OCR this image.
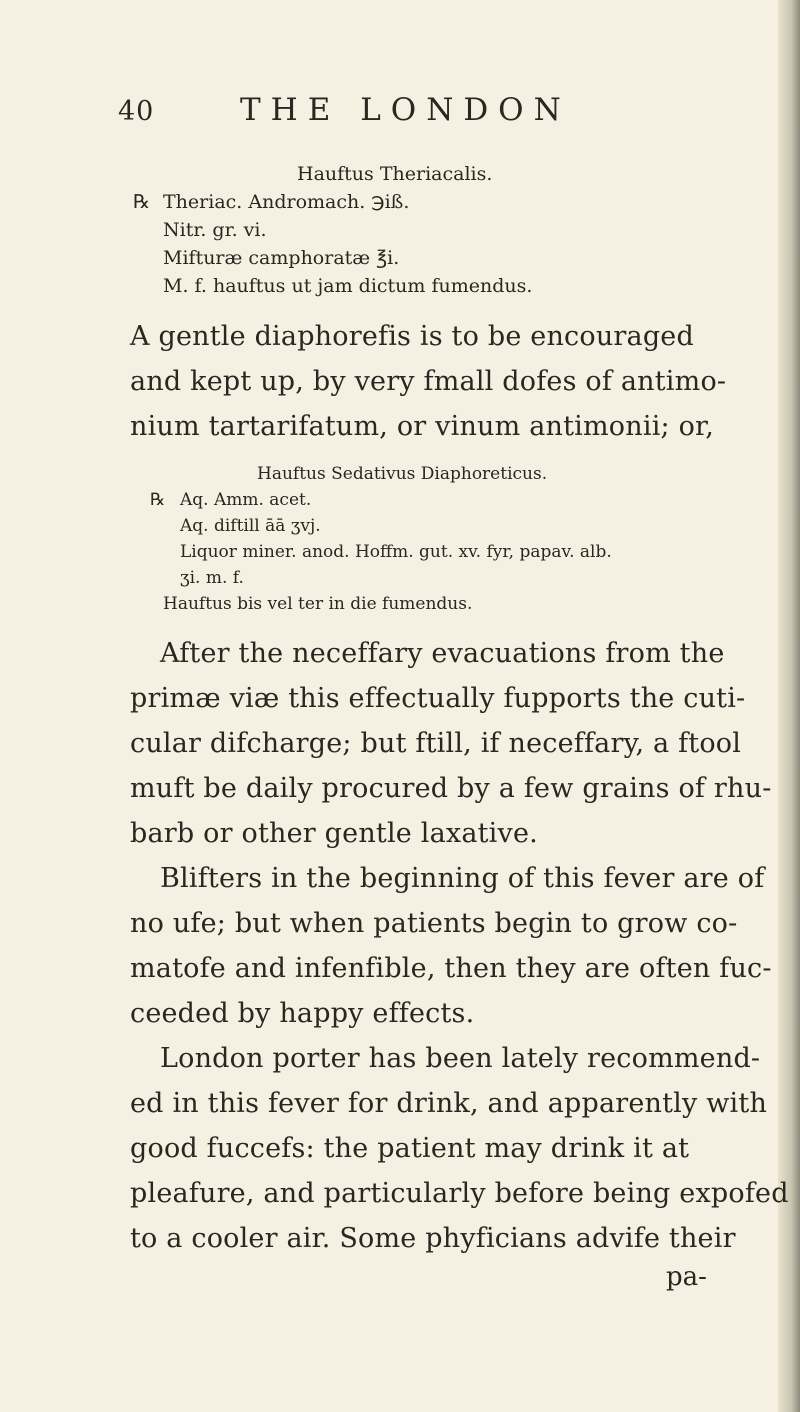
40	THE LONDON
Hauftus Theriacalis.
℞ Theriac. Andromach. ℈iß.
Nitr. gr. vi.
Mifturæ camphoratæ ℥i.
M. f. hauftus ut jam dictum fumendus.
A gentle diaphorefis is to be encouraged
and kept up, by very fmall dofes of antimo-
nium tartarifatum, or vinum antimonii; or,
Hauftus Sedativus Diaphoreticus.
℞ Aq. Amm. acet.
Aq. diftill āā ʒvj.
Liquor miner. anod. Hoffm. gut. xv. fyr, papav. alb.
ʒi. m. f.
Hauftus bis vel ter in die fumendus.
After the neceffary evacuations from the
primæ viæ this effectually fupports the cuti-
cular difcharge; but ftill, if neceffary, a ftool
muft be daily procured by a few grains of rhu-
barb or other gentle laxative.
Blifters in the beginning of this fever are of
no ufe; but when patients begin to grow co-
matofe and infenfible, then they are often fuc-
ceeded by happy effects.
London porter has been lately recommend-
ed in this fever for drink, and apparently with
good fuccefs: the patient may drink it at
pleafure, and particularly before being expofed
to a cooler air. Some phyficians advife their
pa-
